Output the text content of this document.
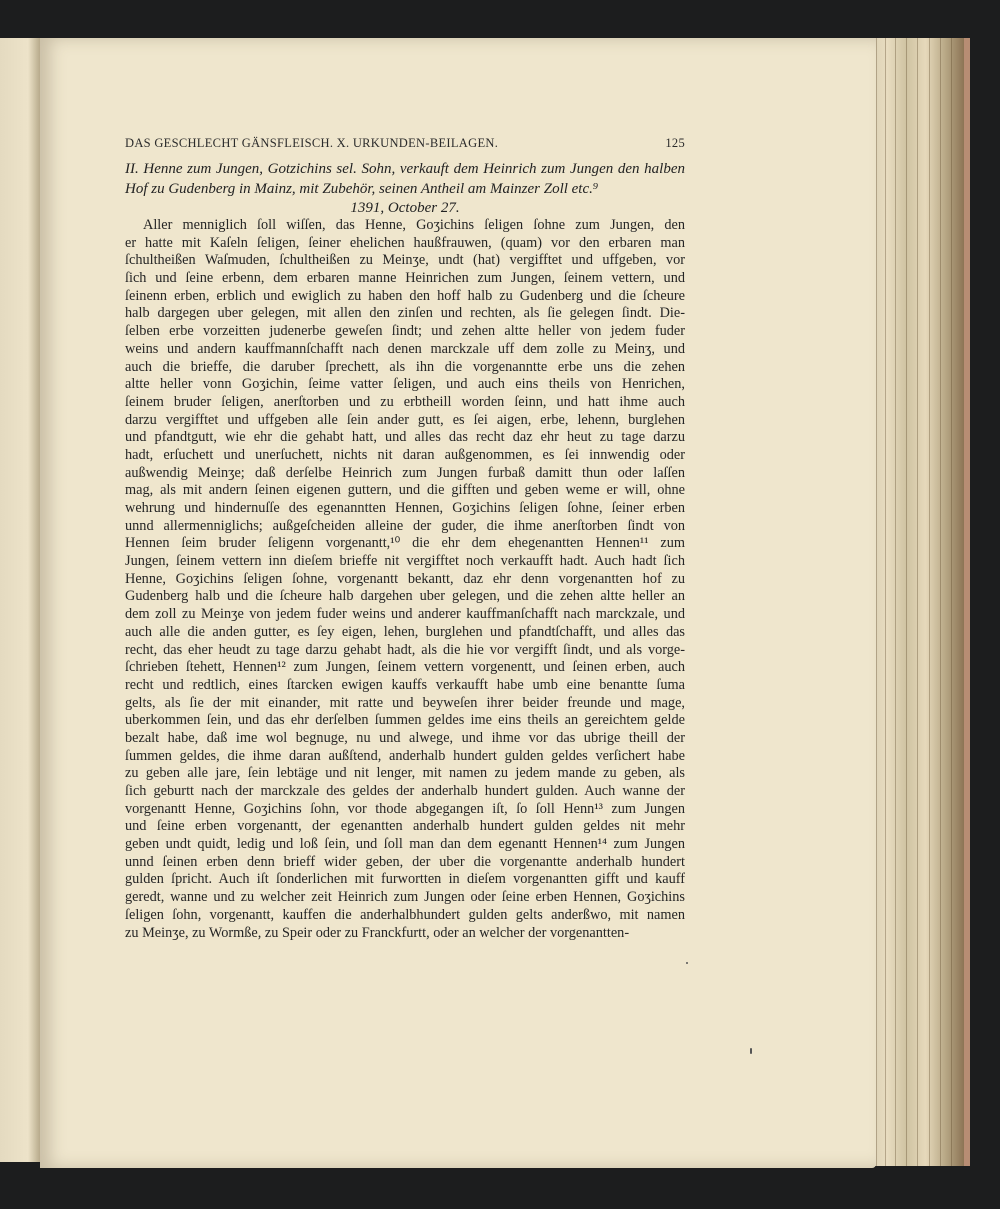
DAS GESCHLECHT GÄNSFLEISCH. X. URKUNDEN-BEILAGEN.	125
II. Henne zum Jungen, Gotzichins sel. Sohn, verkauft dem Heinrich zum Jungen den halben Hof zu Gudenberg in Mainz, mit Zubehör, seinen Antheil am Mainzer Zoll etc.⁹
1391, October 27.
Aller menniglich ſoll wiſſen, das Henne, Goʒichins ſeligen ſohne zum Jungen, den
er hatte mit Kaſeln ſeligen, ſeiner ehelichen haußfrauwen, (quam) vor den erbaren man
ſchultheißen Waſmuden, ſchultheißen zu Meinʒe, undt (hat) vergifftet und uffgeben, vor
ſich und ſeine erbenn, dem erbaren manne Heinrichen zum Jungen, ſeinem vettern, und
ſeinenn erben, erblich und ewiglich zu haben den hoff halb zu Gudenberg und die ſcheure
halb dargegen uber gelegen, mit allen den zinſen und rechten, als ſie gelegen ſindt. Die-
ſelben erbe vorzeitten judenerbe geweſen ſindt; und zehen altte heller von jedem fuder
weins und andern kauffmannſchafft nach denen marckzale uff dem zolle zu Meinʒ, und
auch die brieffe, die daruber ſprechett, als ihn die vorgenanntte erbe uns die zehen
altte heller vonn Goʒichin, ſeime vatter ſeligen, und auch eins theils von Henrichen,
ſeinem bruder ſeligen, anerſtorben und zu erbtheill worden ſeinn, und hatt ihme auch
darzu vergifftet und uffgeben alle ſein ander gutt, es ſei aigen, erbe, lehenn, burglehen
und pfandtgutt, wie ehr die gehabt hatt, und alles das recht daz ehr heut zu tage darzu
hadt, erſuchett und unerſuchett, nichts nit daran außgenommen, es ſei innwendig oder
außwendig Meinʒe; daß derſelbe Heinrich zum Jungen furbaß damitt thun oder laſſen
mag, als mit andern ſeinen eigenen guttern, und die gifften und geben weme er will, ohne
wehrung und hindernuſſe des egenanntten Hennen, Goʒichins ſeligen ſohne, ſeiner erben
unnd allermenniglichs; außgeſcheiden alleine der guder, die ihme anerſtorben ſindt von
Hennen ſeim bruder ſeligenn vorgenantt,¹⁰ die ehr dem ehegenantten Hennen¹¹ zum
Jungen, ſeinem vettern inn dieſem brieffe nit vergifftet noch verkaufft hadt. Auch hadt ſich
Henne, Goʒichins ſeligen ſohne, vorgenantt bekantt, daz ehr denn vorgenantten hof zu
Gudenberg halb und die ſcheure halb dargehen uber gelegen, und die zehen altte heller an
dem zoll zu Meinʒe von jedem fuder weins und anderer kauffmanſchafft nach marckzale, und
auch alle die anden gutter, es ſey eigen, lehen, burglehen und pfandtſchafft, und alles das
recht, das eher heudt zu tage darzu gehabt hadt, als die hie vor vergifft ſindt, und als vorge-
ſchrieben ſtehett, Hennen¹² zum Jungen, ſeinem vettern vorgenentt, und ſeinen erben, auch
recht und redtlich, eines ſtarcken ewigen kauffs verkaufft habe umb eine benantte ſuma
gelts, als ſie der mit einander, mit ratte und beyweſen ihrer beider freunde und mage,
uberkommen ſein, und das ehr derſelben ſummen geldes ime eins theils an gereichtem gelde
bezalt habe, daß ime wol begnuge, nu und alwege, und ihme vor das ubrige theill der
ſummen geldes, die ihme daran außſtend, anderhalb hundert gulden geldes verſichert habe
zu geben alle jare, ſein lebtäge und nit lenger, mit namen zu jedem mande zu geben, als
ſich geburtt nach der marckzale des geldes der anderhalb hundert gulden. Auch wanne der
vorgenantt Henne, Goʒichins ſohn, vor thode abgegangen iſt, ſo ſoll Henn¹³ zum Jungen
und ſeine erben vorgenantt, der egenantten anderhalb hundert gulden geldes nit mehr
geben undt quidt, ledig und loß ſein, und ſoll man dan dem egenantt Hennen¹⁴ zum Jungen
unnd ſeinen erben denn brieff wider geben, der uber die vorgenantte anderhalb hundert
gulden ſpricht. Auch iſt ſonderlichen mit furwortten in dieſem vorgenantten gifft und kauff
geredt, wanne und zu welcher zeit Heinrich zum Jungen oder ſeine erben Hennen, Goʒichins
ſeligen ſohn, vorgenantt, kauffen die anderhalbhundert gulden gelts anderßwo, mit namen
zu Meinʒe, zu Wormße, zu Speir oder zu Franckfurtt, oder an welcher der vorgenantten-
